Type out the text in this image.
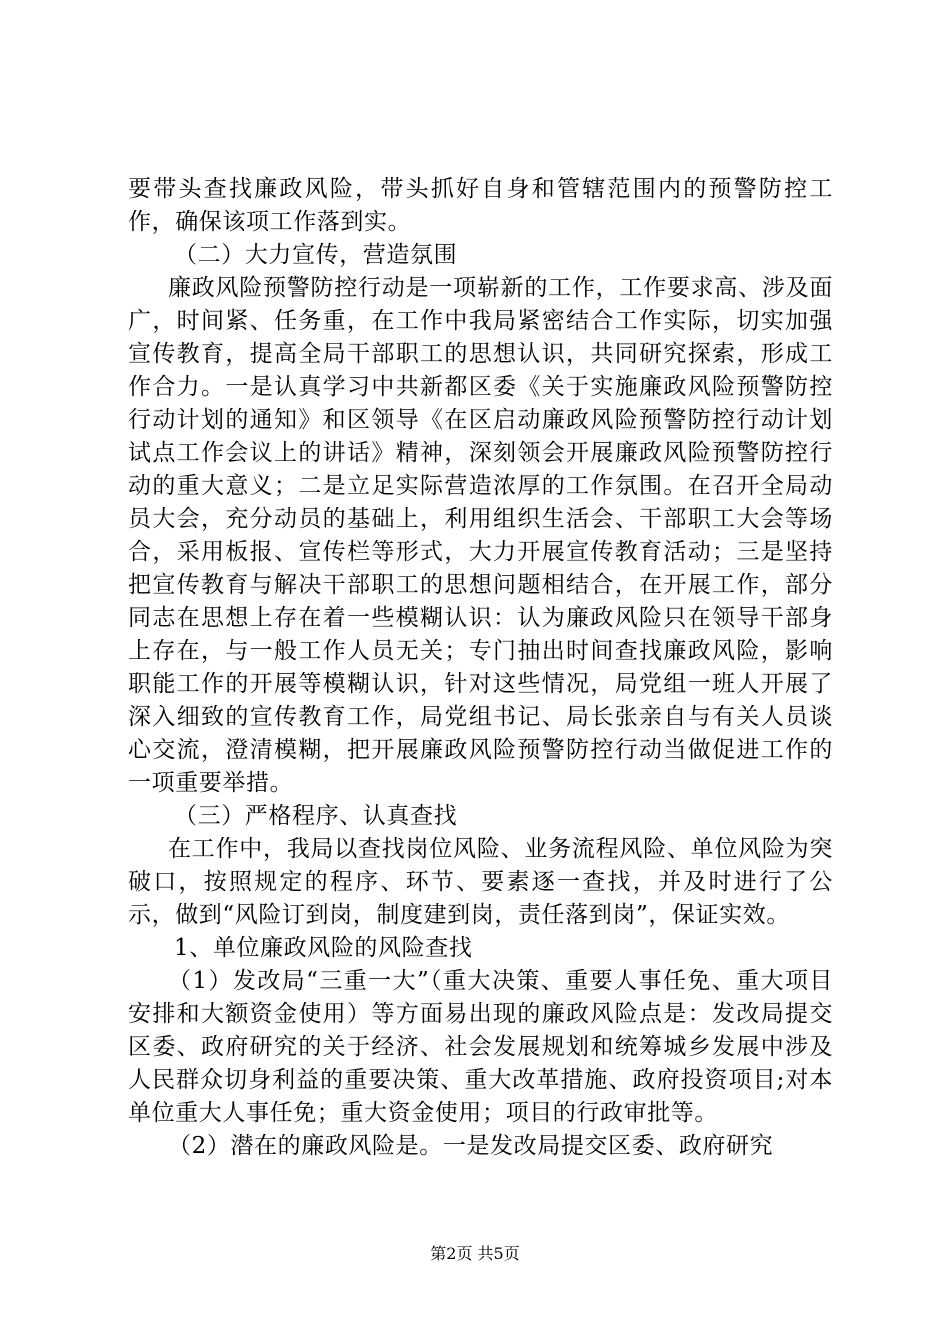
要带头查找廉政风险，带头抓好自身和管辖范围内的预警防控工作，确保该项工作落到实。

（二）大力宣传，营造氛围

廉政风险预警防控行动是一项崭新的工作，工作要求高、涉及面广，时间紧、任务重，在工作中我局紧密结合工作实际，切实加强宣传教育，提高全局干部职工的思想认识，共同研究探索，形成工作合力。一是认真学习中共新都区委《关于实施廉政风险预警防控行动计划的通知》和区领导《在区启动廉政风险预警防控行动计划试点工作会议上的讲话》精神，深刻领会开展廉政风险预警防控行动的重大意义；二是立足实际营造浓厚的工作氛围。在召开全局动员大会，充分动员的基础上，利用组织生活会、干部职工大会等场合，采用板报、宣传栏等形式，大力开展宣传教育活动；三是坚持把宣传教育与解决干部职工的思想问题相结合，在开展工作，部分同志在思想上存在着一些模糊认识：认为廉政风险只在领导干部身上存在，与一般工作人员无关；专门抽出时间查找廉政风险，影响职能工作的开展等模糊认识，针对这些情况，局党组一班人开展了深入细致的宣传教育工作，局党组书记、局长张亲自与有关人员谈心交流，澄清模糊，把开展廉政风险预警防控行动当做促进工作的一项重要举措。

（三）严格程序、认真查找

在工作中，我局以查找岗位风险、业务流程风险、单位风险为突破口，按照规定的程序、环节、要素逐一查找，并及时进行了公示，做到“风险订到岗，制度建到岗，责任落到岗”，保证实效。

1、单位廉政风险的风险查找

（1）发改局“三重一大”（重大决策、重要人事任免、重大项目安排和大额资金使用）等方面易出现的廉政风险点是：发改局提交区委、政府研究的关于经济、社会发展规划和统筹城乡发展中涉及人民群众切身利益的重要决策、重大改革措施、政府投资项目;对本单位重大人事任免；重大资金使用；项目的行政审批等。

（2）潜在的廉政风险是。一是发改局提交区委、政府研究

第2页 共5页
